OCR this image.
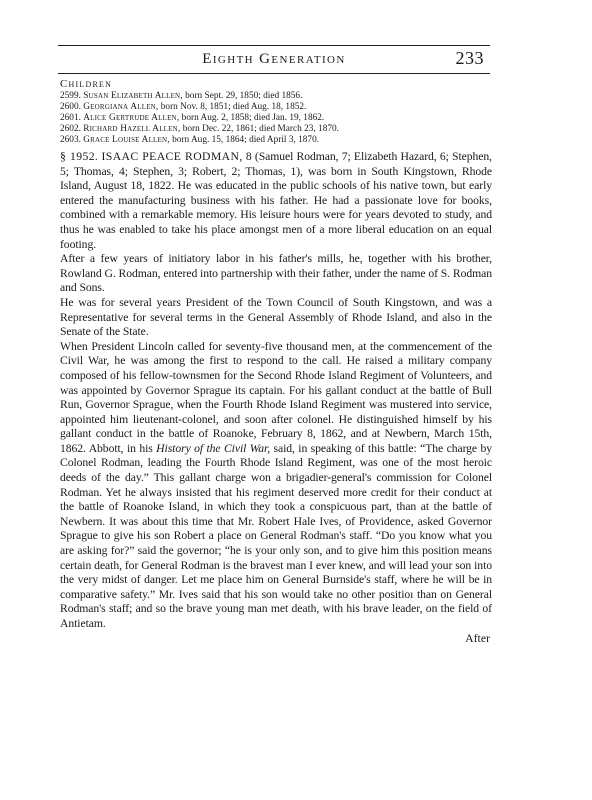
Eighth Generation	233
Children
2599. Susan Elizabeth Allen, born Sept. 29, 1850; died 1856.
2600. Georgiana Allen, born Nov. 8, 1851; died Aug. 18, 1852.
2601. Alice Gertrude Allen, born Aug. 2, 1858; died Jan. 19, 1862.
2602. Richard Hazell Allen, born Dec. 22, 1861; died March 23, 1870.
2603. Grace Louise Allen, born Aug. 15, 1864; died April 3, 1870.

§ 1952. ISAAC PEACE RODMAN, 8 (Samuel Rodman, 7; Elizabeth Hazard, 6; Stephen, 5; Thomas, 4; Stephen, 3; Robert, 2; Thomas, 1), was born in South Kingstown, Rhode Island, August 18, 1822. He was educated in the public schools of his native town, but early entered the manufacturing business with his father. He had a passionate love for books, combined with a remarkable memory. His leisure hours were for years devoted to study, and thus he was enabled to take his place amongst men of a more liberal education on an equal footing.

After a few years of initiatory labor in his father's mills, he, together with his brother, Rowland G. Rodman, entered into partnership with their father, under the name of S. Rodman and Sons.

He was for several years President of the Town Council of South Kingstown, and was a Representative for several terms in the General Assembly of Rhode Island, and also in the Senate of the State.

When President Lincoln called for seventy-five thousand men, at the commencement of the Civil War, he was among the first to respond to the call. He raised a military company composed of his fellow-townsmen for the Second Rhode Island Regiment of Volunteers, and was appointed by Governor Sprague its captain. For his gallant conduct at the battle of Bull Run, Governor Sprague, when the Fourth Rhode Island Regiment was mustered into service, appointed him lieutenant-colonel, and soon after colonel. He distinguished himself by his gallant conduct in the battle of Roanoke, February 8, 1862, and at Newbern, March 15th, 1862. Abbott, in his History of the Civil War, said, in speaking of this battle: “The charge by Colonel Rodman, leading the Fourth Rhode Island Regiment, was one of the most heroic deeds of the day.” This gallant charge won a brigadier-general's commission for Colonel Rodman. Yet he always insisted that his regiment deserved more credit for their conduct at the battle of Roanoke Island, in which they took a conspicuous part, than at the battle of Newbern. It was about this time that Mr. Robert Hale Ives, of Providence, asked Governor Sprague to give his son Robert a place on General Rodman's staff. “Do you know what you are asking for?” said the governor; “he is your only son, and to give him this position means certain death, for General Rodman is the bravest man I ever knew, and will lead your son into the very midst of danger. Let me place him on General Burnside's staff, where he will be in comparative safety.” Mr. Ives said that his son would take no other positioı than on General Rodman's staff; and so the brave young man met death, with his brave leader, on the field of Antietam.

After
